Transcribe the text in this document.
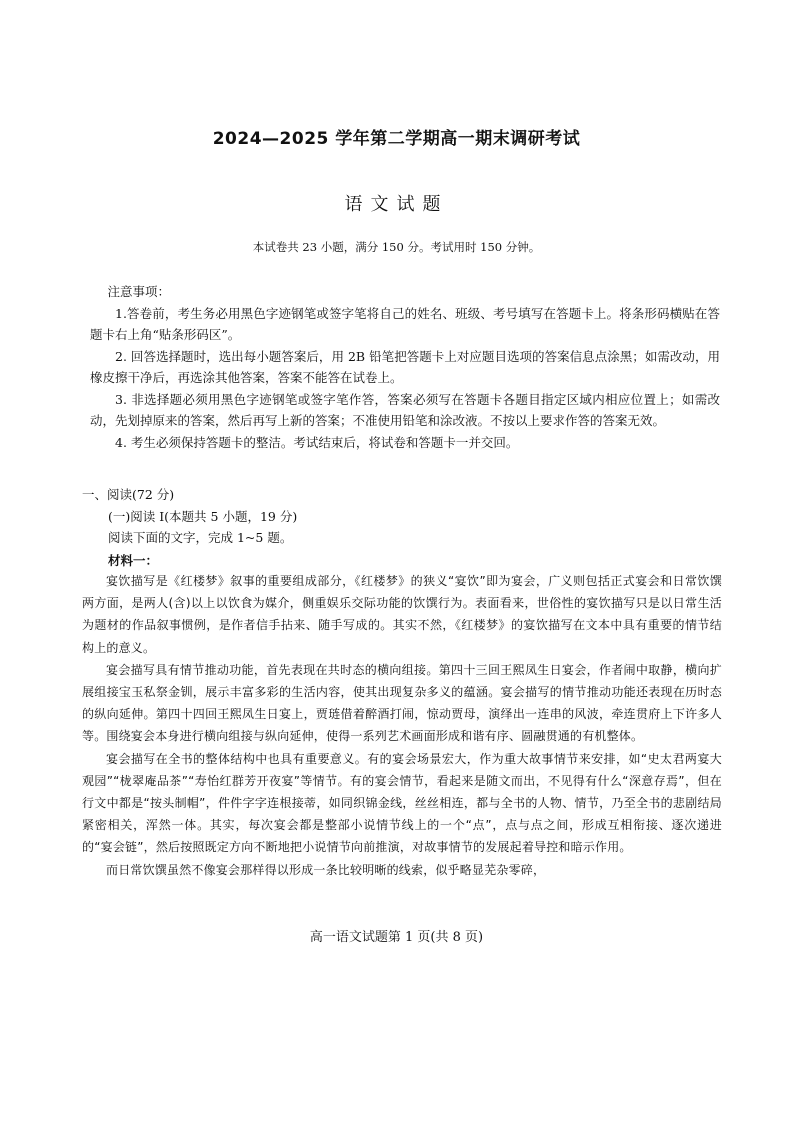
2024—2025 学年第二学期高一期末调研考试
语文试题
本试卷共 23 小题，满分 150 分。考试用时 150 分钟。

注意事项：

1.答卷前，考生务必用黑色字迹钢笔或签字笔将自己的姓名、班级、考号填写在答题卡上。将条形码横贴在答题卡右上角“贴条形码区”。

2. 回答选择题时，选出每小题答案后，用 2B 铅笔把答题卡上对应题目选项的答案信息点涂黑；如需改动，用橡皮擦干净后，再选涂其他答案，答案不能答在试卷上。

3. 非选择题必须用黑色字迹钢笔或签字笔作答，答案必须写在答题卡各题目指定区域内相应位置上；如需改动，先划掉原来的答案，然后再写上新的答案；不准使用铅笔和涂改液。不按以上要求作答的答案无效。

4. 考生必须保持答题卡的整洁。考试结束后，将试卷和答题卡一并交回。

一、阅读(72 分)
(一)阅读 Ⅰ(本题共 5 小题，19 分)
阅读下面的文字，完成 1~5 题。
材料一：

宴饮描写是《红楼梦》叙事的重要组成部分，《红楼梦》的狭义“宴饮”即为宴会，广义则包括正式宴会和日常饮馔两方面，是两人(含)以上以饮食为媒介，侧重娱乐交际功能的饮馔行为。表面看来，世俗性的宴饮描写只是以日常生活为题材的作品叙事惯例，是作者信手拈来、随手写成的。其实不然，《红楼梦》的宴饮描写在文本中具有重要的情节结构上的意义。

宴会描写具有情节推动功能，首先表现在共时态的横向组接。第四十三回王熙凤生日宴会，作者闹中取静，横向扩展组接宝玉私祭金钏，展示丰富多彩的生活内容，使其出现复杂多义的蕴涵。宴会描写的情节推动功能还表现在历时态的纵向延伸。第四十四回王熙凤生日宴上，贾琏借着醉酒打闹，惊动贾母，演绎出一连串的风波，牵连贯府上下许多人等。围绕宴会本身进行横向组接与纵向延伸，使得一系列艺术画面形成和谐有序、圆融贯通的有机整体。

宴会描写在全书的整体结构中也具有重要意义。有的宴会场景宏大，作为重大故事情节来安排，如“史太君两宴大观园”“栊翠庵品茶”“寿怡红群芳开夜宴”等情节。有的宴会情节，看起来是随文而出，不见得有什么“深意存焉”，但在行文中都是“按头制帽”，件件字字连根接蒂，如同织锦金线，丝丝相连，都与全书的人物、情节，乃至全书的悲剧结局紧密相关，浑然一体。其实，每次宴会都是整部小说情节线上的一个“点”，点与点之间，形成互相衔接、逐次递进的“宴会链”，然后按照既定方向不断地把小说情节向前推演，对故事情节的发展起着导控和暗示作用。

而日常饮馔虽然不像宴会那样得以形成一条比较明晰的线索，似乎略显芜杂零碎，

高一语文试题第 1 页(共 8 页)
